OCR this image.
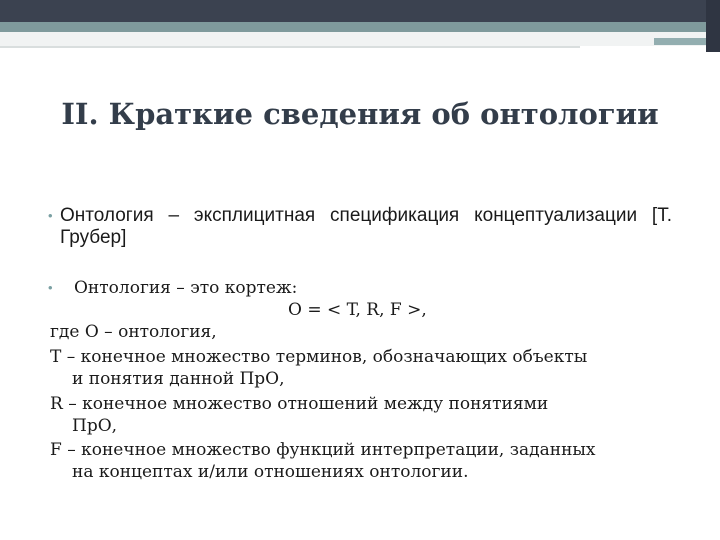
II. Краткие сведения об онтологии
• Онтология – эксплицитная спецификация концептуализации [Т. Грубер]

• Онтология – это кортеж:

O = < T, R, F >,

где O – онтология,

T – конечное множество терминов, обозначающих объекты

и понятия данной ПрО,

R – конечное множество отношений между понятиями

ПрО,

F – конечное множество функций интерпретации, заданных

на концептах и/или отношениях онтологии.
